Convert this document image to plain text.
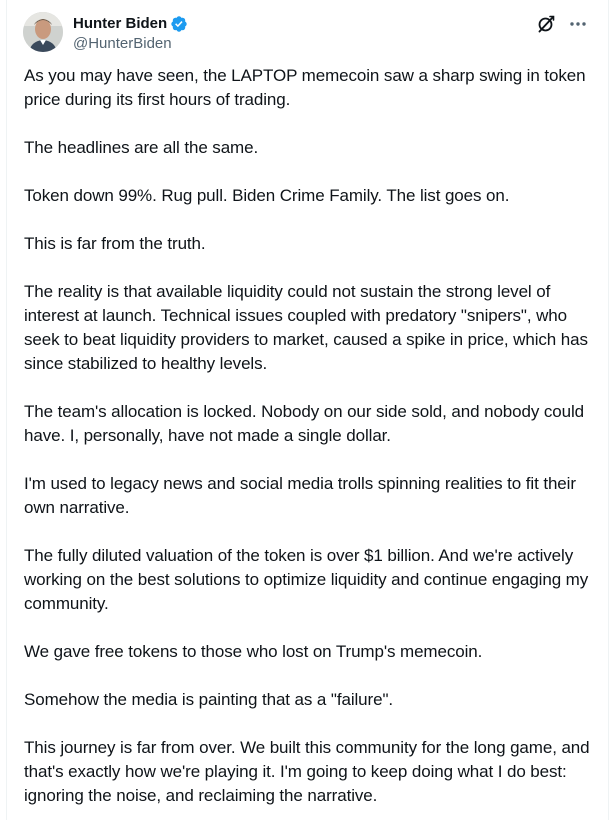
Hunter Biden
@HunterBiden

As you may have seen, the LAPTOP memecoin saw a sharp swing in token price during its first hours of trading.

The headlines are all the same.

Token down 99%. Rug pull. Biden Crime Family. The list goes on.

This is far from the truth.

The reality is that available liquidity could not sustain the strong level of interest at launch. Technical issues coupled with predatory "snipers", who seek to beat liquidity providers to market, caused a spike in price, which has since stabilized to healthy levels.

The team's allocation is locked. Nobody on our side sold, and nobody could have. I, personally, have not made a single dollar.

I'm used to legacy news and social media trolls spinning realities to fit their own narrative.

The fully diluted valuation of the token is over $1 billion. And we're actively working on the best solutions to optimize liquidity and continue engaging my community.

We gave free tokens to those who lost on Trump's memecoin.

Somehow the media is painting that as a "failure".

This journey is far from over. We built this community for the long game, and that's exactly how we're playing it. I'm going to keep doing what I do best: ignoring the noise, and reclaiming the narrative.
